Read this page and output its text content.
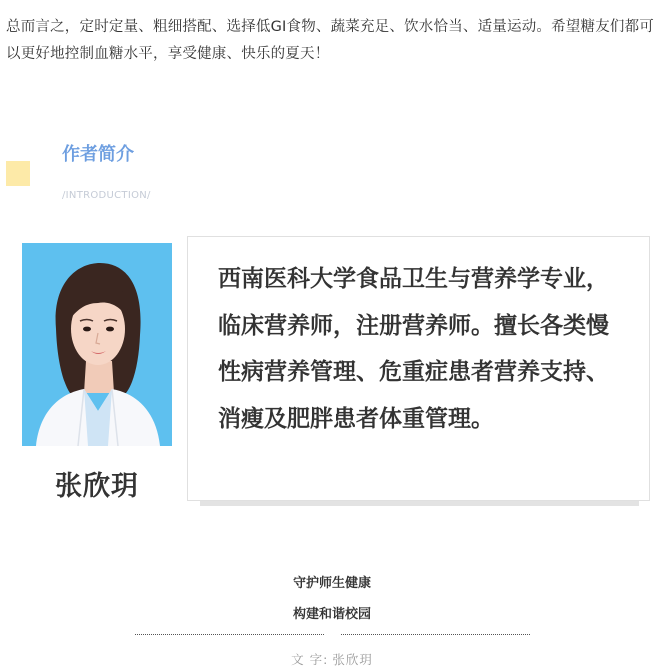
总而言之，定时定量、粗细搭配、选择低GI食物、蔬菜充足、饮水恰当、适量运动。希望糖友们都可以更好地控制血糖水平，享受健康、快乐的夏天！

作者简介
/INTRODUCTION/
张欣玥

西南医科大学食品卫生与营养学专业，临床营养师，注册营养师。擅长各类慢性病营养管理、危重症患者营养支持、消瘦及肥胖患者体重管理。

守护师生健康
构建和谐校园
文 字: 张欣玥
